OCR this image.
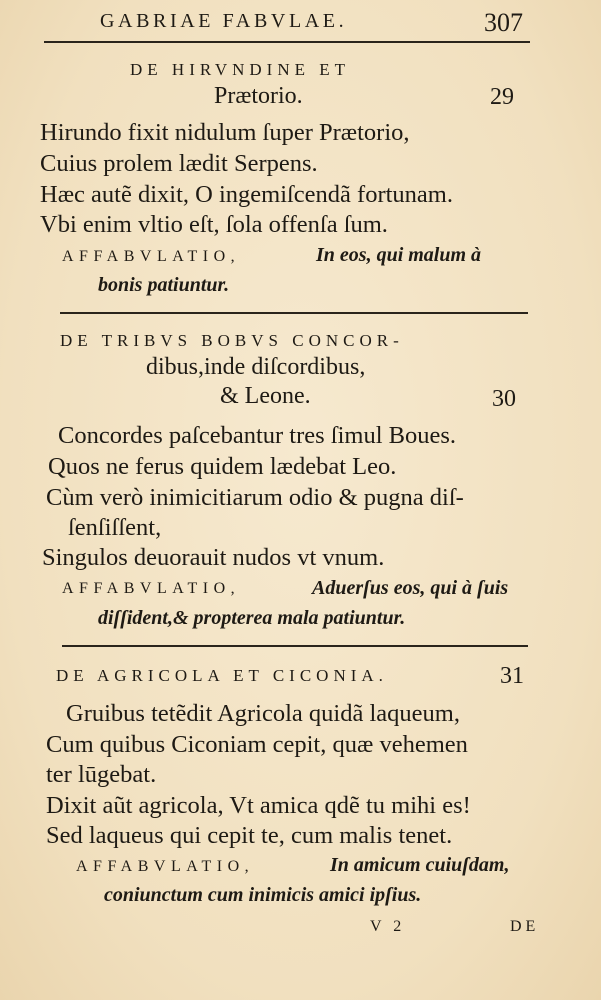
GABRIAE FABVLAE.	307
DE HIRVNDINE ET
Prætorio.	29
Hirundo fixit nidulum ſuper Prætorio,
Cuius prolem lædit Serpens.
Hæc autẽ dixit, O ingemiſcendã fortunam.
Vbi enim vltio eſt, ſola offenſa ſum.
AFFABVLATIO,	In eos, qui malum à
bonis patiuntur.
DE TRIBVS BOBVS CONCOR-
dibus,inde diſcordibus,
& Leone.	30
Concordes paſcebantur tres ſimul Boues.
Quos ne ferus quidem lædebat Leo.
Cùm verò inimicitiarum odio & pugna diſ-
ſenſiſſent,
Singulos deuorauit nudos vt vnum.
AFFABVLATIO,	Aduerſus eos, qui à ſuis
diſſident,& propterea mala patiuntur.
DE AGRICOLA ET CICONIA.	31
Gruibus tetẽdit Agricola quidã laqueum,
Cum quibus Ciconiam cepit, quæ vehemen
ter lūgebat.
Dixit aũt agricola, Vt amica qdẽ tu mihi es!
Sed laqueus qui cepit te, cum malis tenet.
AFFABVLATIO,	In amicum cuiuſdam,
coniunctum cum inimicis amici ipſius.
V 2	DE
